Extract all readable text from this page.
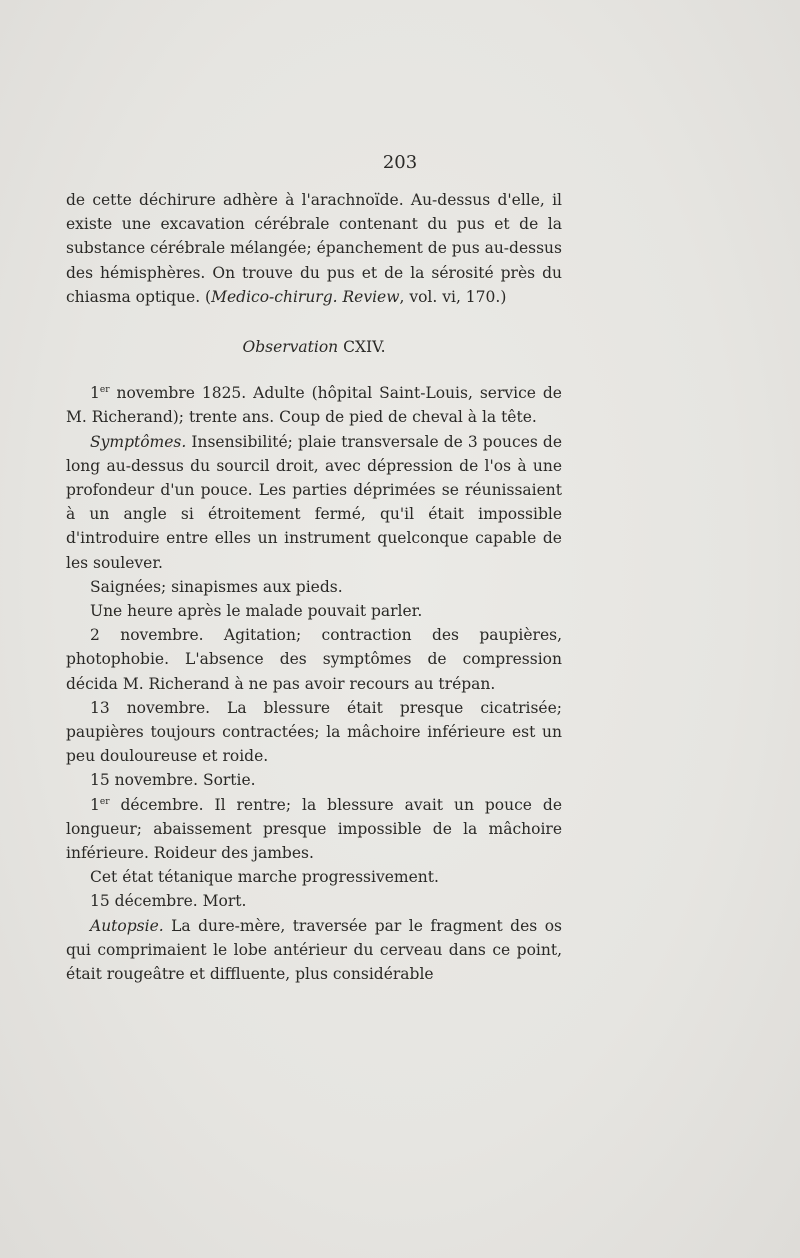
203

de cette déchirure adhère à l'arachnoïde. Au-dessus d'elle, il existe une excavation cérébrale contenant du pus et de la substance cérébrale mélangée; épanchement de pus au-dessus des hémisphères. On trouve du pus et de la sérosité près du chiasma optique. (Medico-chirurg. Review, vol. vi, 170.)

Observation CXIV.

1er novembre 1825. Adulte (hôpital Saint-Louis, service de M. Richerand); trente ans. Coup de pied de cheval à la tête.

Symptômes. Insensibilité; plaie transversale de 3 pouces de long au-dessus du sourcil droit, avec dépression de l'os à une profondeur d'un pouce. Les parties déprimées se réunissaient à un angle si étroitement fermé, qu'il était impossible d'introduire entre elles un instrument quelconque capable de les soulever.

Saignées; sinapismes aux pieds.

Une heure après le malade pouvait parler.

2 novembre. Agitation; contraction des paupières, photophobie. L'absence des symptômes de compression décida M. Richerand à ne pas avoir recours au trépan.

13 novembre. La blessure était presque cicatrisée; paupières toujours contractées; la mâchoire inférieure est un peu douloureuse et roide.

15 novembre. Sortie.

1er décembre. Il rentre; la blessure avait un pouce de longueur; abaissement presque impossible de la mâchoire inférieure. Roideur des jambes.

Cet état tétanique marche progressivement.

15 décembre. Mort.

Autopsie. La dure-mère, traversée par le fragment des os qui comprimaient le lobe antérieur du cerveau dans ce point, était rougeâtre et diffluente, plus considérable
